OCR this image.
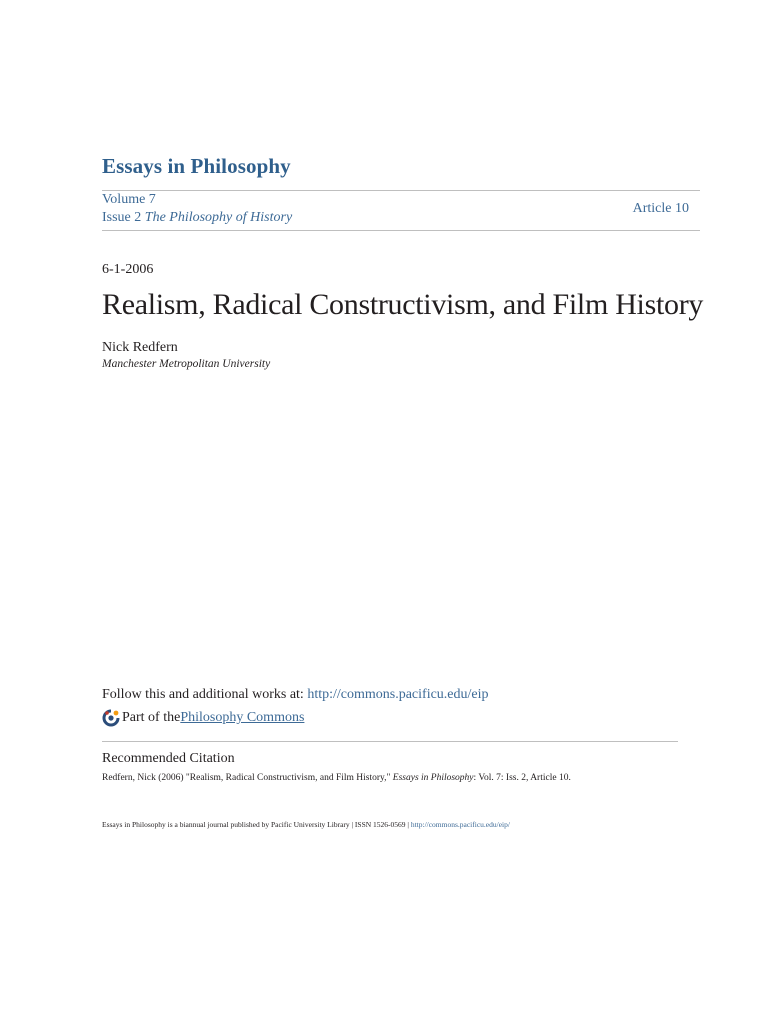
Essays in Philosophy
Volume 7
Issue 2 The Philosophy of History
Article 10
6-1-2006
Realism, Radical Constructivism, and Film History
Nick Redfern
Manchester Metropolitan University
Follow this and additional works at: http://commons.pacificu.edu/eip
Part of the Philosophy Commons
Recommended Citation
Redfern, Nick (2006) "Realism, Radical Constructivism, and Film History," Essays in Philosophy: Vol. 7: Iss. 2, Article 10.
Essays in Philosophy is a biannual journal published by Pacific University Library | ISSN 1526-0569 | http://commons.pacificu.edu/eip/
